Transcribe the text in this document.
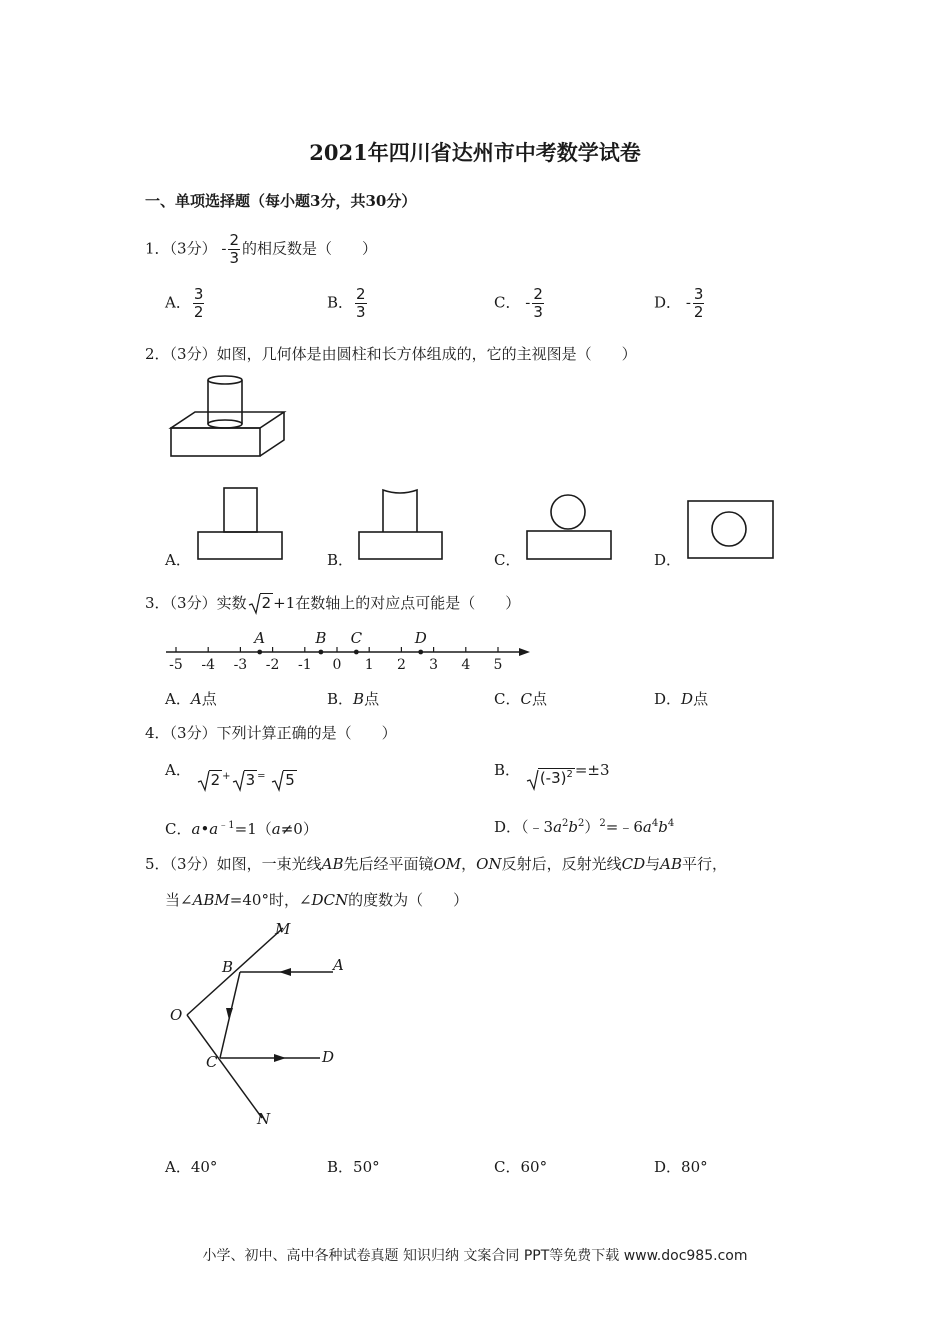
2021年四川省达州市中考数学试卷
一、单项选择题（每小题3分，共30分）
1．（3分） - $\frac{2}{3}$ 的相反数是（　　）
A． $\frac{3}{2}$	B． $\frac{2}{3}$	C． - $\frac{2}{3}$	D． - $\frac{3}{2}$
2．（3分）如图，几何体是由圆柱和长方体组成的，它的主视图是（　　）
A．	B．	C．	D．
3．（3分）实数 2 +1在数轴上的对应点可能是（　　）
-5 -4 -3 -2 -1 0 1 2 3 4 5
A	B C	D
A．A点	B．B点	C．C点	D．D点
4．（3分）下列计算正确的是（　　）
A．
2 + 3 = 5
B． $(-3)^2 =\pm 3$
C．$a•a^{﹣1}=1(a\ne 0)$	D．$(﹣3a^2b^2)^2=﹣6a^4b^4$
5．（3分）如图，一束光线AB先后经平面镜OM，ON反射后，反射光线CD与AB平行，
当∠ABM=40°时，∠DCN的度数为（　　）
M
A
B
O
C	D
N
A．40°	B．50°	C．60°	D．80°
小学、初中、高中各种试卷真题 知识归纳 文案合同 PPT等免费下载 www.doc985.com
